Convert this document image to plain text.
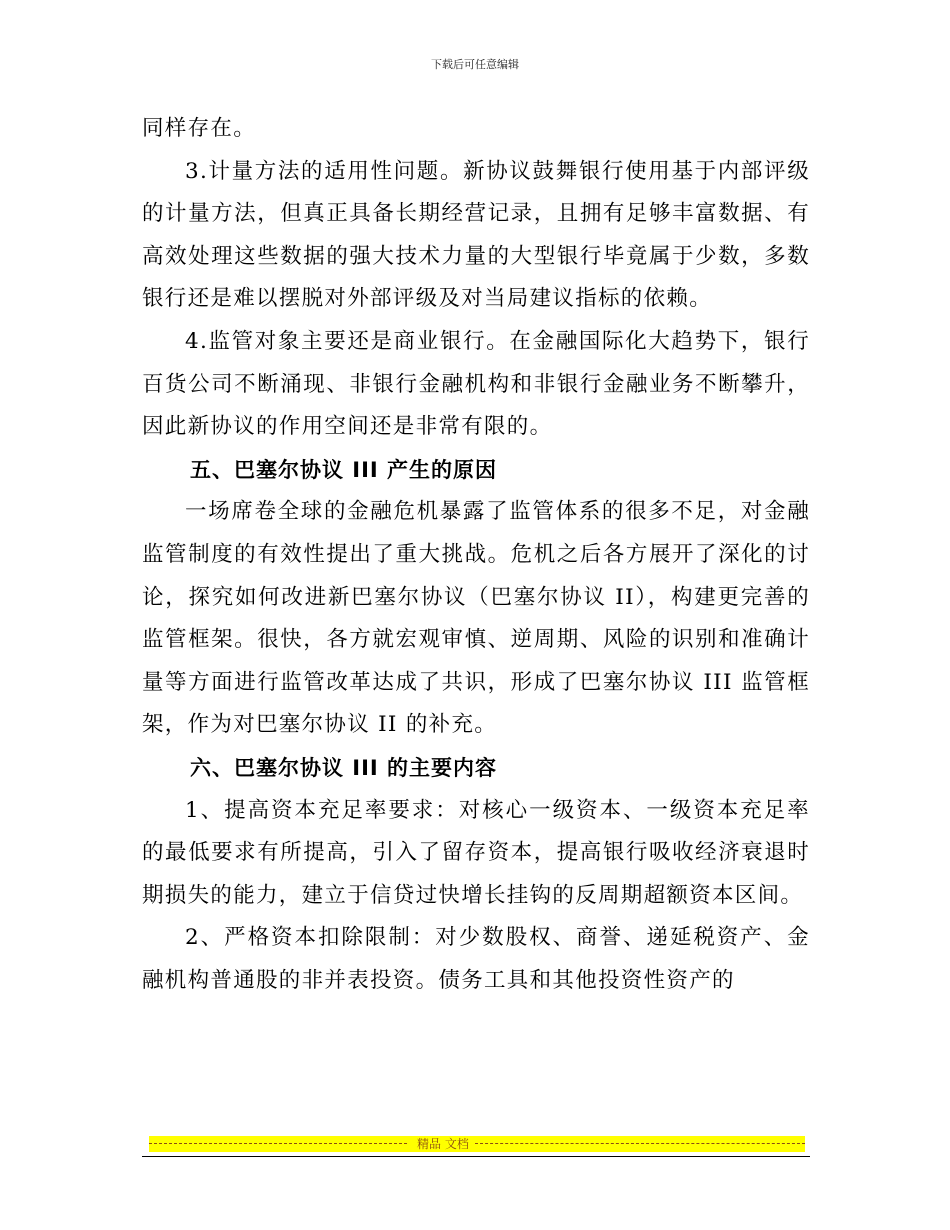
下载后可任意编辑

同样存在。

3.计量方法的适用性问题。新协议鼓舞银行使用基于内部评级的计量方法，但真正具备长期经营记录，且拥有足够丰富数据、有高效处理这些数据的强大技术力量的大型银行毕竟属于少数，多数银行还是难以摆脱对外部评级及对当局建议指标的依赖。

4.监管对象主要还是商业银行。在金融国际化大趋势下，银行百货公司不断涌现、非银行金融机构和非银行金融业务不断攀升，因此新协议的作用空间还是非常有限的。

五、巴塞尔协议 III 产生的原因

一场席卷全球的金融危机暴露了监管体系的很多不足，对金融监管制度的有效性提出了重大挑战。危机之后各方展开了深化的讨论，探究如何改进新巴塞尔协议（巴塞尔协议 II），构建更完善的监管框架。很快，各方就宏观审慎、逆周期、风险的识别和准确计量等方面进行监管改革达成了共识，形成了巴塞尔协议 III 监管框架，作为对巴塞尔协议 II 的补充。

六、巴塞尔协议 III 的主要内容

1、提高资本充足率要求：对核心一级资本、一级资本充足率的最低要求有所提高，引入了留存资本，提高银行吸收经济衰退时期损失的能力，建立于信贷过快增长挂钩的反周期超额资本区间。

2、严格资本扣除限制：对少数股权、商誉、递延税资产、金融机构普通股的非并表投资。债务工具和其他投资性资产的

精品 文档
